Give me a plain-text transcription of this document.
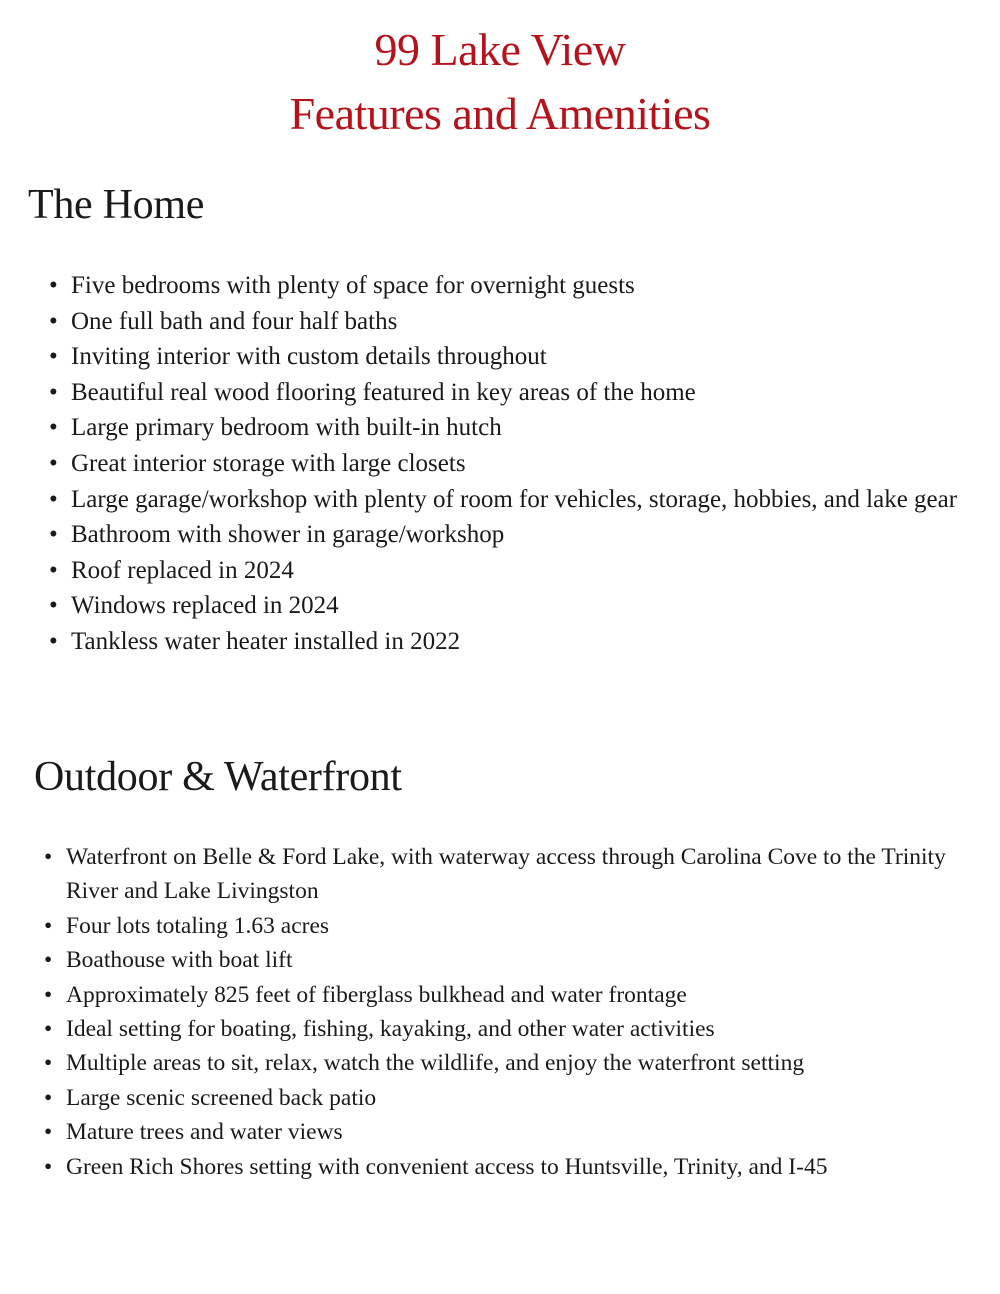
99 Lake View
Features and Amenities
The Home
• Five bedrooms with plenty of space for overnight guests
• One full bath and four half baths
• Inviting interior with custom details throughout
• Beautiful real wood flooring featured in key areas of the home
• Large primary bedroom with built-in hutch
• Great interior storage with large closets
• Large garage/workshop with plenty of room for vehicles, storage, hobbies, and lake gear
• Bathroom with shower in garage/workshop
• Roof replaced in 2024
• Windows replaced in 2024
• Tankless water heater installed in 2022
Outdoor & Waterfront
• Waterfront on Belle & Ford Lake, with waterway access through Carolina Cove to the Trinity River and Lake Livingston
• Four lots totaling 1.63 acres
• Boathouse with boat lift
• Approximately 825 feet of fiberglass bulkhead and water frontage
• Ideal setting for boating, fishing, kayaking, and other water activities
• Multiple areas to sit, relax, watch the wildlife, and enjoy the waterfront setting
• Large scenic screened back patio
• Mature trees and water views
• Green Rich Shores setting with convenient access to Huntsville, Trinity, and I-45
